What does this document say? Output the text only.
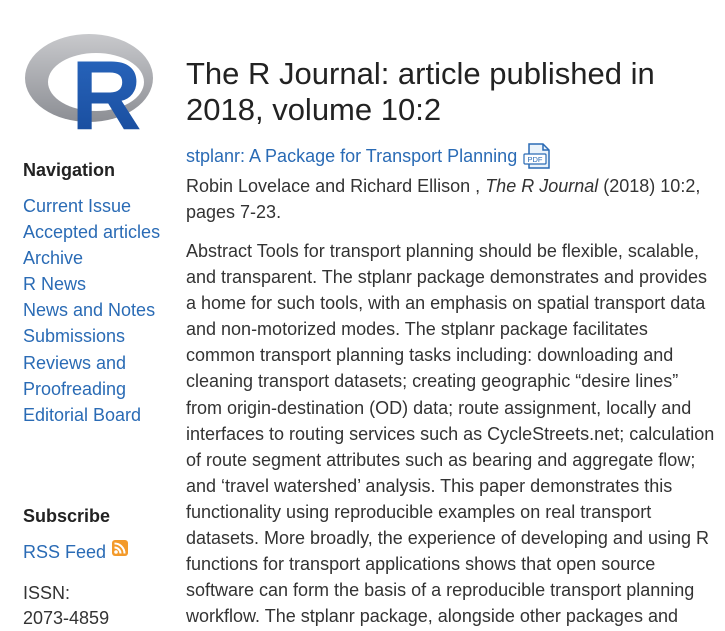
R
Navigation
Current Issue
Accepted articles
Archive
R News
News and Notes
Submissions
Reviews and Proofreading
Editorial Board
Subscribe
RSS Feed
ISSN:
2073-4859
The R Journal: article published in 2018, volume 10:2
stplanr: A Package for Transport Planning PDF
Robin Lovelace and Richard Ellison , The R Journal (2018) 10:2, pages 7-23.

Abstract Tools for transport planning should be flexible, scalable, and transparent. The stplanr package demonstrates and provides a home for such tools, with an emphasis on spatial transport data and non-motorized modes. The stplanr package facilitates common transport planning tasks including: downloading and cleaning transport datasets; creating geographic “desire lines” from origin-destination (OD) data; route assignment, locally and interfaces to routing services such as CycleStreets.net; calculation of route segment attributes such as bearing and aggregate flow; and ‘travel watershed’ analysis. This paper demonstrates this functionality using reproducible examples on real transport datasets. More broadly, the experience of developing and using R functions for transport applications shows that open source software can form the basis of a reproducible transport planning workflow. The stplanr package, alongside other packages and
